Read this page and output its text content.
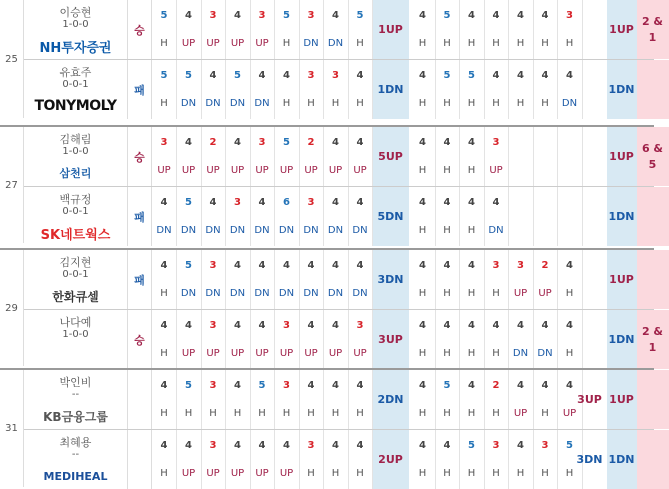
25
이승현
1-0-0
NH투자증권
승
5
H
4
UP
3
UP
4
UP
3
UP
5
H
3
DN
4
DN
5
H
1UP
4
H
5
H
4
H
4
H
4
H
4
H
3
H
1UP
2 &
1
유효주
0-0-1
TONYMOLY
패
5
H
5
DN
4
DN
5
DN
4
DN
4
H
3
H
3
H
4
H
1DN
4
H
5
H
5
H
4
H
4
H
4
H
4
DN
1DN
27
김해림
1-0-0
삼천리
승
3
UP
4
UP
2
UP
4
UP
3
UP
5
UP
2
UP
4
UP
4
UP
5UP
4
H
4
H
4
H
3
UP
1UP
6 &
5
백규정
0-0-1
SK네트웍스
패
4
DN
5
DN
4
DN
3
DN
4
DN
6
DN
3
DN
4
DN
4
DN
5DN
4
H
4
H
4
H
4
DN
1DN
29
김지현
0-0-1
한화큐셀
패
4
H
5
DN
3
DN
4
DN
4
DN
4
DN
4
DN
4
DN
4
DN
3DN
4
H
4
H
4
H
3
H
3
UP
2
UP
4
H
1UP
나다예
1-0-0	승
4
H
4
UP
3
UP
4
UP
4
UP
3
UP
4
UP
4
UP
3
UP
3UP
4
H
4
H
4
H
4
H
4
DN
4
DN
4
H
1DN
2 &
1
31
박인비
--
KB금융그룹
4
H
5
H
3
H
4
H
5
H
3
H
4
H
4
H
4
H
2DN
4
H
5
H
4
H
2
H
4
UP
4
H
4
UP
3UP 1UP
최혜용
--
MEDIHEAL
4
H
4
UP
3
UP
4
UP
4
UP
4
UP
3
H
4
H
4
H
2UP
4
H
4
H
5
H
3
H
4
H
3
H
5
H
3DN 1DN
